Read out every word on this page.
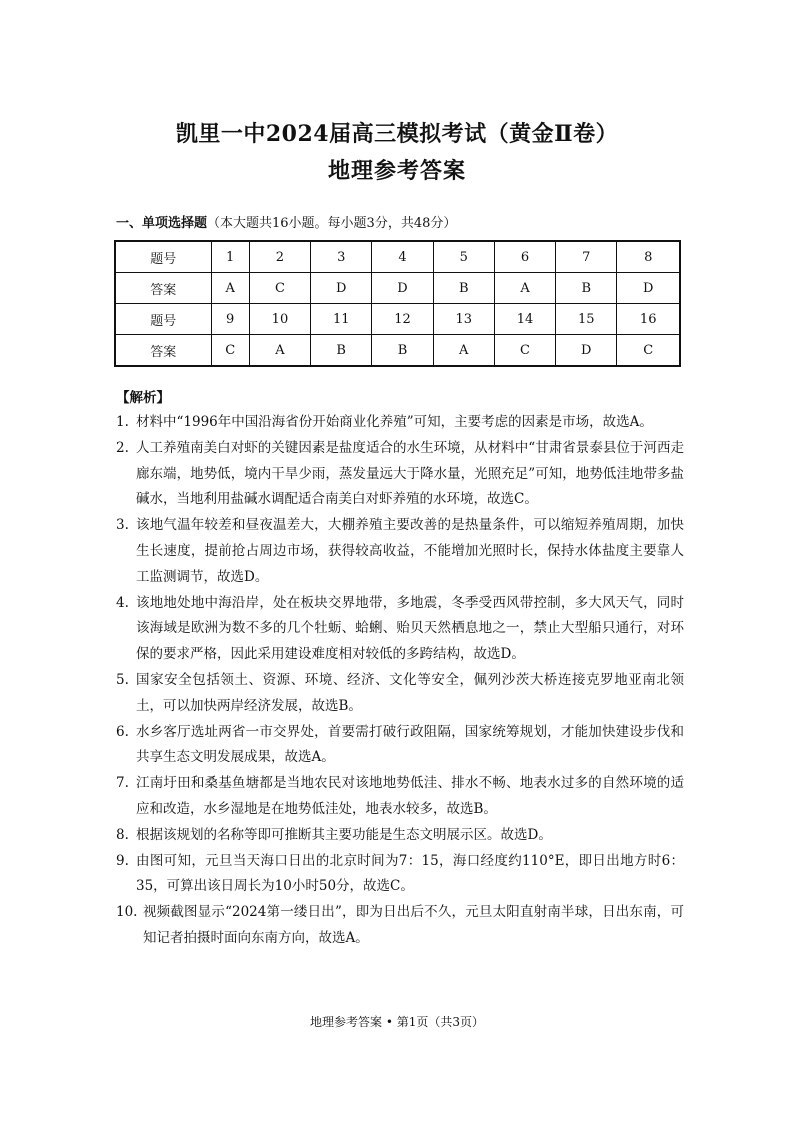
凯里一中2024届高三模拟考试（黄金Ⅱ卷）
地理参考答案
一、单项选择题（本大题共16小题。每小题3分，共48分）
题号	1	2	3	4	5	6	7	8
答案	A	C	D	D	B	A	B	D
题号	9	10	11	12	13	14	15	16
答案	C	A	B	B	A	C	D	C
【解析】
1. 材料中“1996年中国沿海省份开始商业化养殖”可知，主要考虑的因素是市场，故选A。
2. 人工养殖南美白对虾的关键因素是盐度适合的水生环境，从材料中“甘肃省景泰县位于河西走廊东端，地势低，境内干旱少雨，蒸发量远大于降水量，光照充足”可知，地势低洼地带多盐碱水，当地利用盐碱水调配适合南美白对虾养殖的水环境，故选C。
3. 该地气温年较差和昼夜温差大，大棚养殖主要改善的是热量条件，可以缩短养殖周期，加快生长速度，提前抢占周边市场，获得较高收益，不能增加光照时长，保持水体盐度主要靠人工监测调节，故选D。
4. 该地地处地中海沿岸，处在板块交界地带，多地震，冬季受西风带控制，多大风天气，同时该海域是欧洲为数不多的几个牡蛎、蛤蜊、贻贝天然栖息地之一，禁止大型船只通行，对环保的要求严格，因此采用建设难度相对较低的多跨结构，故选D。
5. 国家安全包括领土、资源、环境、经济、文化等安全，佩列沙茨大桥连接克罗地亚南北领土，可以加快两岸经济发展，故选B。
6. 水乡客厅选址两省一市交界处，首要需打破行政阻隔，国家统筹规划，才能加快建设步伐和共享生态文明发展成果，故选A。
7. 江南圩田和桑基鱼塘都是当地农民对该地地势低洼、排水不畅、地表水过多的自然环境的适应和改造，水乡湿地是在地势低洼处，地表水较多，故选B。
8. 根据该规划的名称等即可推断其主要功能是生态文明展示区。故选D。
9. 由图可知，元旦当天海口日出的北京时间为7：15，海口经度约110°E，即日出地方时6：35，可算出该日周长为10小时50分，故选C。
10. 视频截图显示“2024第一缕日出”，即为日出后不久，元旦太阳直射南半球，日出东南，可知记者拍摄时面向东南方向，故选A。
地理参考答案 • 第1页（共3页）
